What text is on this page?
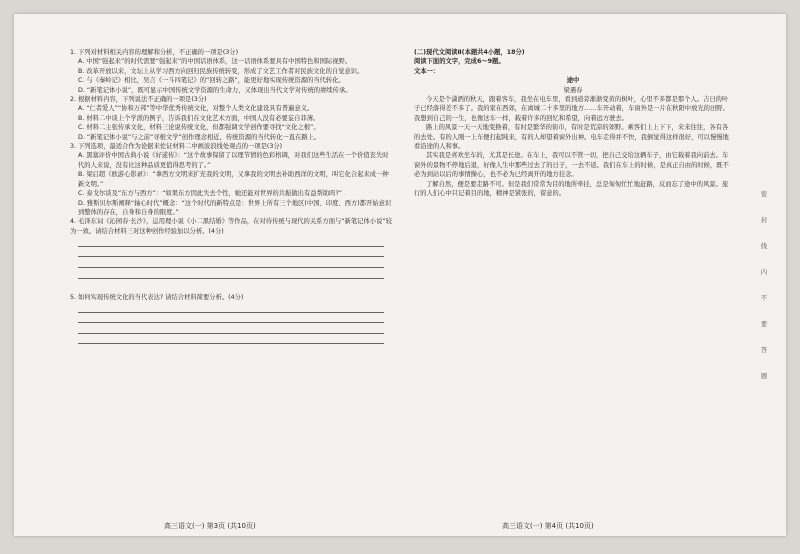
1. 下列对材料相关内容的理解和分析，不正确的一项是(3分)

A. 中国“强起来”的时代需要“强起来”的中国话语体系，这一话语体系要具有中国特色和国际视野。

B. 改革开放以来，文坛上从学习西方向回归民族传统转变，形成了文艺工作者对民族文化的自觉意识。

C. 与《秦岭记》相比，吴言《一斗四笔记》的“回转之路”，能更好地实现传统资源的当代转化。

D. “新笔记体小说”，既可显示中国传统文学资源的生命力，又体现出当代文学对传统的赓续传承。

2. 根据材料内容，下列说法不正确的一项是(3分)

A. “仁者爱人”“协和万邦”等中华优秀传统文化，对整个人类文化建设具有普遍意义。

B. 材料二中谈上个学派的例子，告诉我们在文化艺术方面，中国人没有必要妄自菲薄。

C. 材料二主张传承文化，材料三论说传统文化，但都强调文学创作要寻找“文化之根”。

D. “新笔记体小说”与之前“寻根文学”创作理念相近，传统资源的当代转化一直在路上。

3. 下列选项，最适合作为论据来佐证材料二中画波浪线处观点的一项是(3分)

A. 黑塞评价中国古典小说《好逑传》：“这个故事保留了以理节情的色彩格调，对我们这些生活在一个价值丧失时代的人来说，没有比这种品质更值得思考的了。”

B. 梁启超《欧游心影录》：“拿西方文明来扩充我的文明，又拿我的文明去补助西洋的文明，叫它化合起来成一种新文明。”

C. 泰戈尔谈及“东方与西方”：“如果东方因此失去个性，她还能对世界的共振做出有益帮助吗?”

D. 雅斯贝尔斯阐释“轴心时代”概念：“这个时代的新特点是：世界上所有三个地区(中国、印度、西方)都开始意识到整体的存在，自身和自身的限度。”

4. 毛泽东词《沁园春·长沙》，运用理小说《小二黑结婚》等作品，在对待传统与现代的关系方面与“新笔记体小说”较为一致。请结合材料三对这种创作经验加以分析。(4分)

5. 如何实现传统文化的当代表达? 请结合材料简要分析。(4分)

(二)现代文阅读Ⅱ(本题共4小题，18分)

阅读下面的文字，完成6～9题。

文本一：

途中

梁遇春

今天是个潇洒的秋天，跟着客车，我坐在电车里，看到道旁渐渐变黄的树叶，心里不多都是那个人。吉日的叶子已经落得差不多了。我的家在西郊，在离城二十多里的地方……车开动着，车窗外是一片在秋阳中放光的田野。我想到自己的一生，也像这车一样，载着许多的回忆和希望，向着远方驶去。

路上的风景一天一天地变换着，有时是繁华的街市，有时是荒凉的郊野。乘客们上上下下，来来往往，各有各的去处。有的人刚一上车便打起盹来，有的人却望着窗外出神。电车走得并不快，我倒觉得这样很好，可以慢慢地看沿途的人和事。

其实我是喜欢坐车的，尤其是长途。在车上，我可以不管一切，把自己交给这辆车子，由它载着我向前去。车窗外的景物不停地后退，好像人生中那些过去了的日子，一去不返。我们在车上的时候，是真正自由的时候，既不必为到站以后的事情操心，也不必为已经离开的地方挂念。

了解自然，便是要走路不可。但是我们常常为目的地所牵挂，总是匆匆忙忙地赶路，反而忘了途中的风景。旅行的人们心中只记着目的地，精神是紧张的，留意的。

高三语文(一) 第3页 (共10页)	高三语文(一) 第4页 (共10页)
密
封
线
内
不
要
答
题
